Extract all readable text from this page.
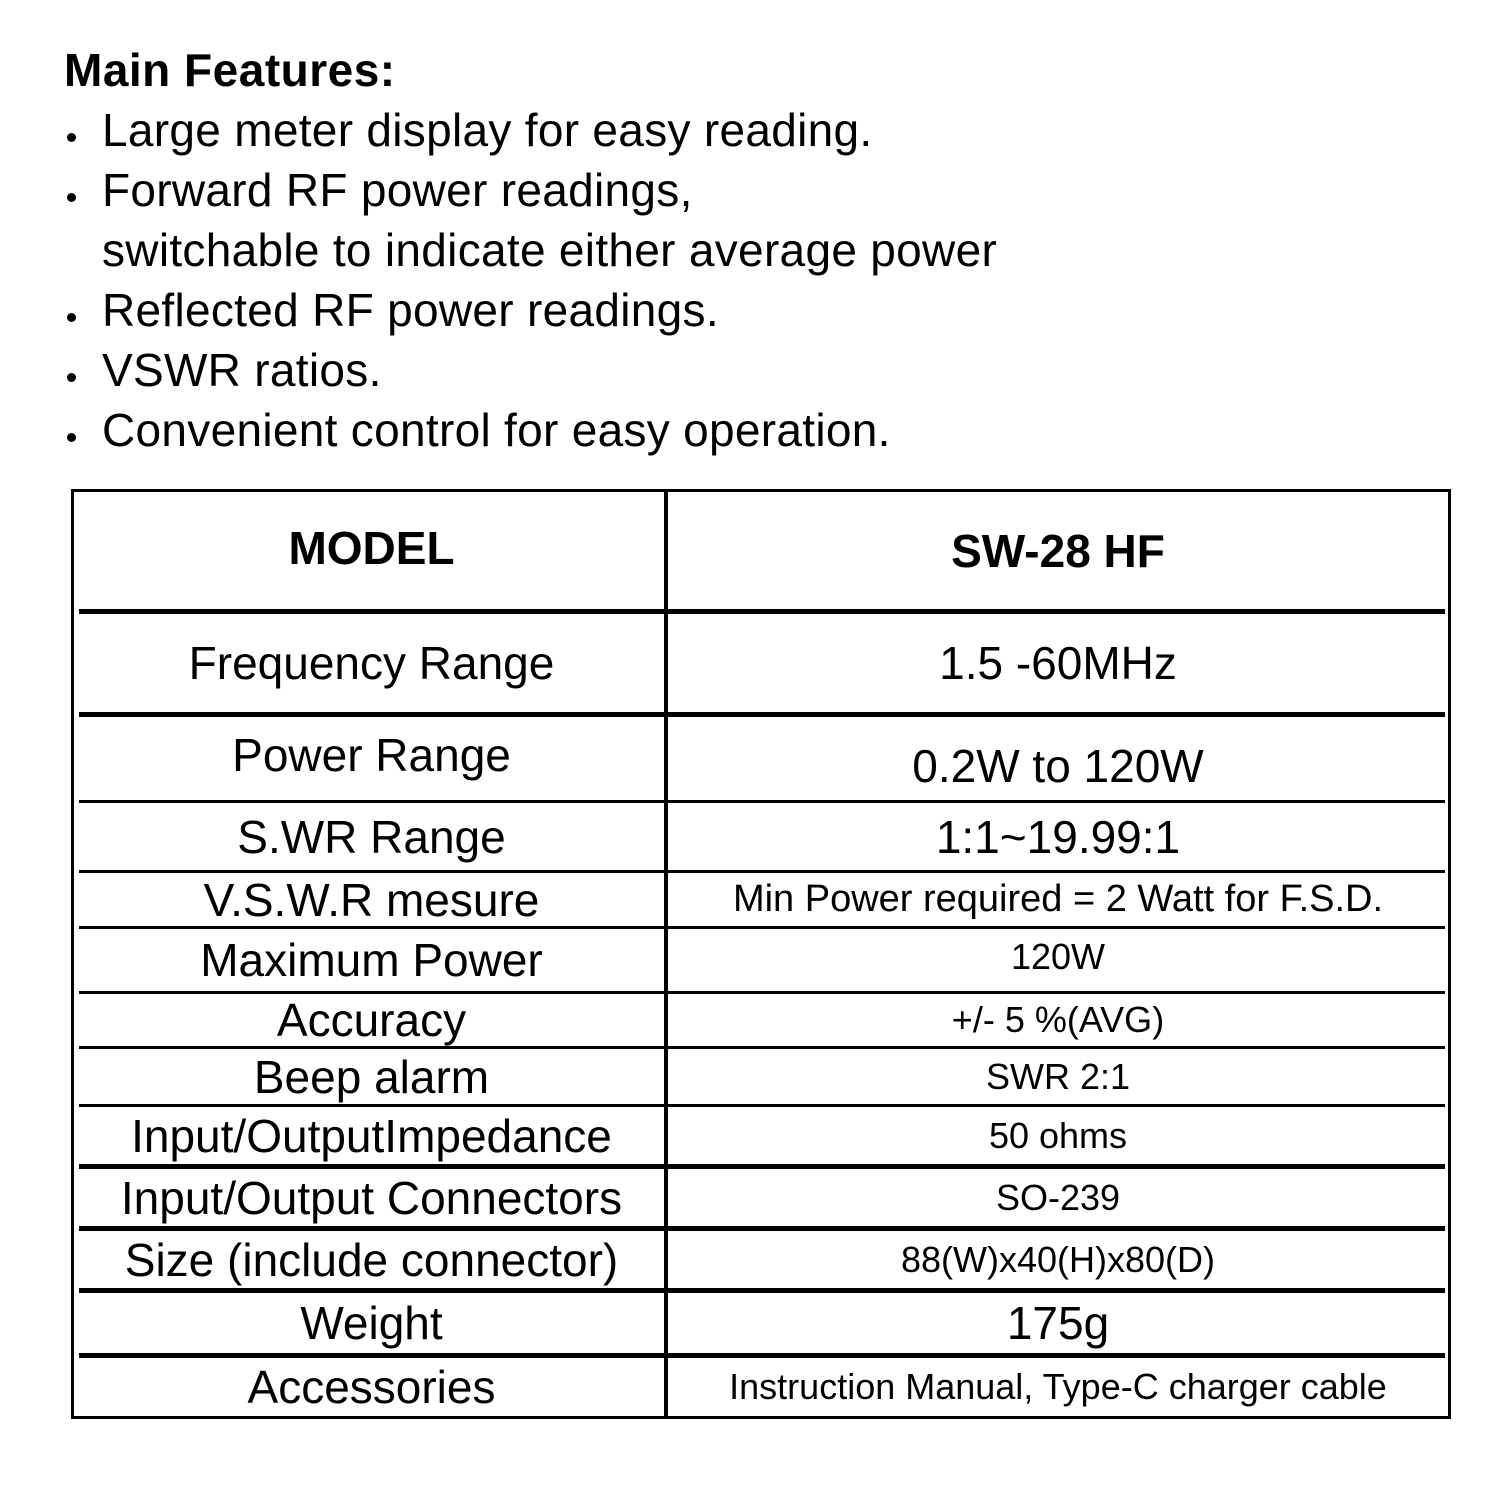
Main Features:
Large meter display for easy reading.
Forward RF power readings,
switchable to indicate either average power
Reflected RF power readings.
VSWR ratios.
Convenient control for easy operation.
MODEL	SW-28 HF
Frequency Range	1.5 -60MHz
Power Range	0.2W to 120W
S.WR Range	1:1~19.99:1
V.S.W.R mesure	Min Power required = 2 Watt for F.S.D.
Maximum Power	120W
Accuracy	+/- 5 %(AVG)
Beep alarm	SWR 2:1
Input/OutputImpedance	50 ohms
Input/Output Connectors	SO-239
Size (include connector)	88(W)x40(H)x80(D)
Weight	175g
Accessories	Instruction Manual, Type-C charger cable
